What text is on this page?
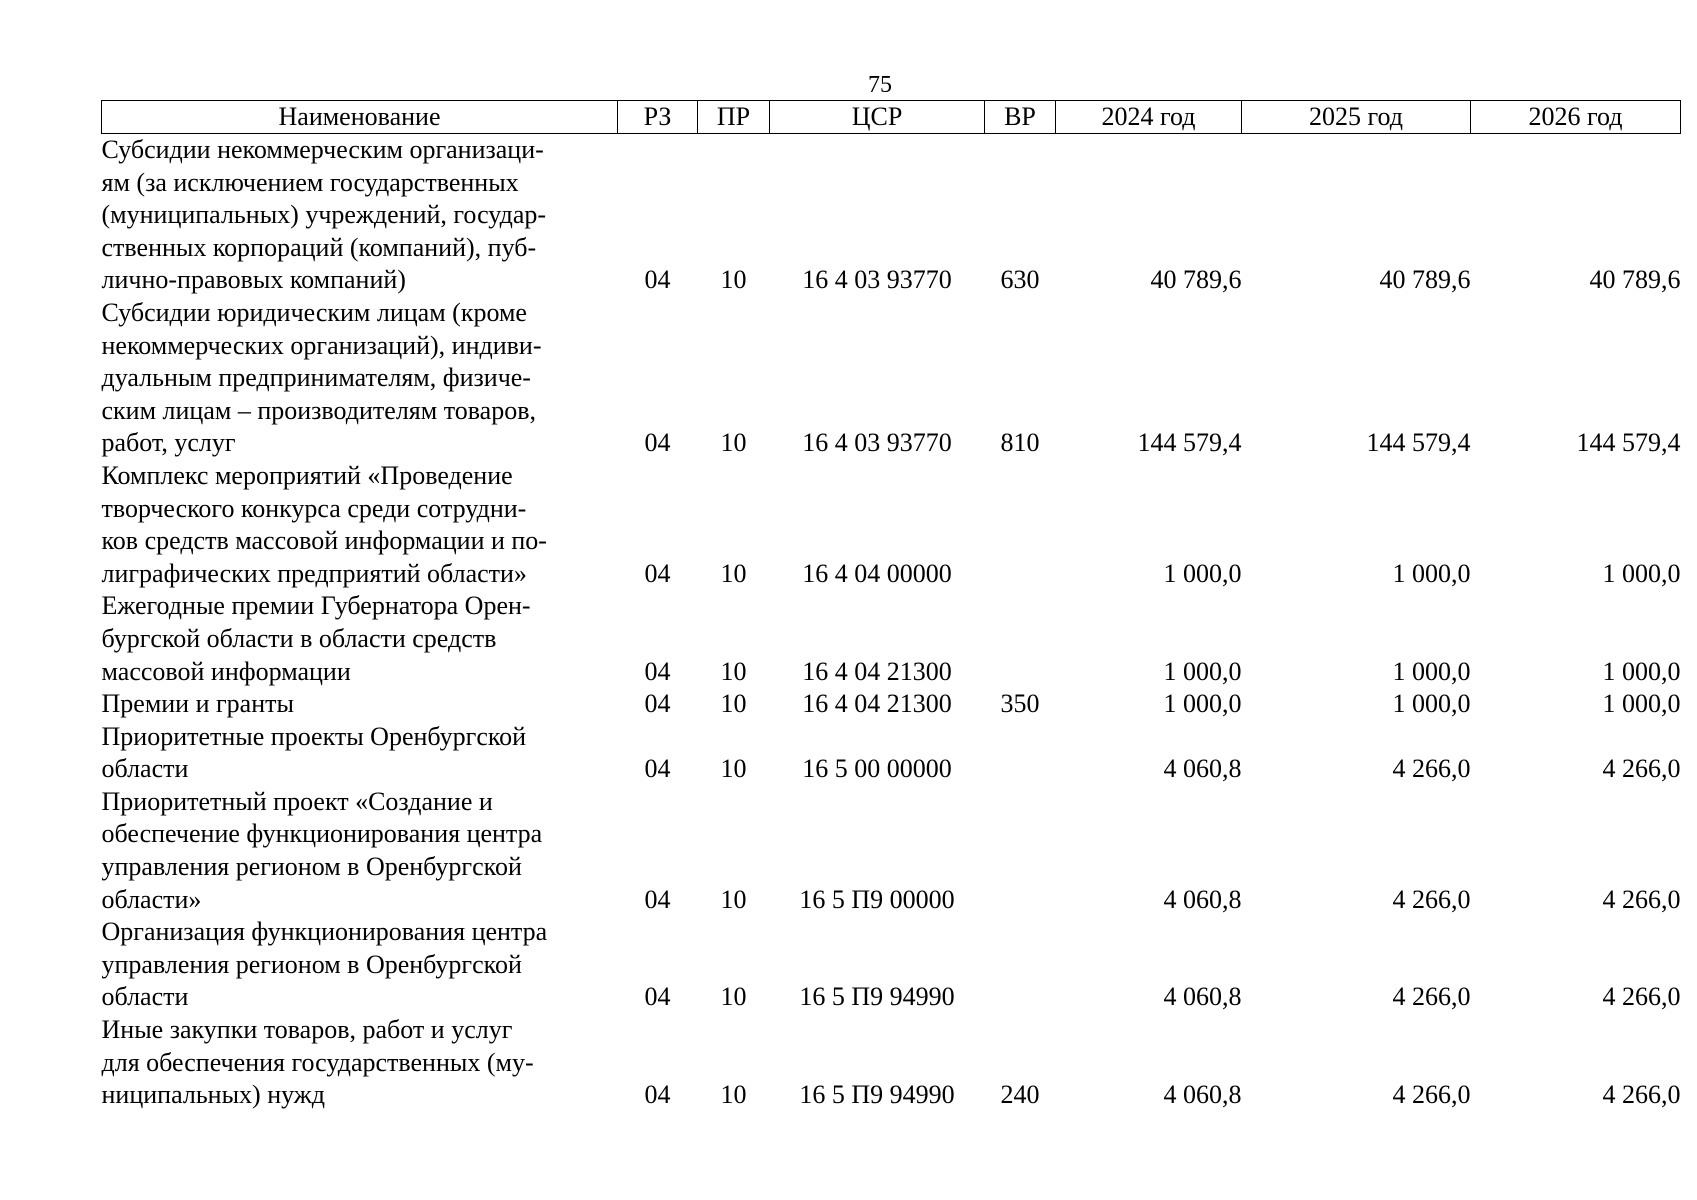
75
Наименование	РЗ	ПР	ЦСР	ВР	2024 год	2025 год	2026 год
Субсидии некоммерческим организаци-
ям (за исключением государственных
(муниципальных) учреждений, государ-
ственных корпораций (компаний), пуб-
лично-правовых компаний)	04	10	16 4 03 93770	630	40 789,6	40 789,6	40 789,6
Субсидии юридическим лицам (кроме
некоммерческих организаций), индиви-
дуальным предпринимателям, физиче-
ским лицам – производителям товаров,
работ, услуг	04	10	16 4 03 93770	810	144 579,4	144 579,4	144 579,4
Комплекс мероприятий «Проведение
творческого конкурса среди сотрудни-
ков средств массовой информации и по-
лиграфических предприятий области»	04	10	16 4 04 00000		1 000,0	1 000,0	1 000,0
Ежегодные премии Губернатора Орен-
бургской области в области средств
массовой информации	04	10	16 4 04 21300		1 000,0	1 000,0	1 000,0
Премии и гранты	04	10	16 4 04 21300	350	1 000,0	1 000,0	1 000,0
Приоритетные проекты Оренбургской
области	04	10	16 5 00 00000		4 060,8	4 266,0	4 266,0
Приоритетный проект «Создание и
обеспечение функционирования центра
управления регионом в Оренбургской
области»	04	10	16 5 П9 00000		4 060,8	4 266,0	4 266,0
Организация функционирования центра
управления регионом в Оренбургской
области	04	10	16 5 П9 94990		4 060,8	4 266,0	4 266,0
Иные закупки товаров, работ и услуг
для обеспечения государственных (му-
ниципальных) нужд	04	10	16 5 П9 94990	240	4 060,8	4 266,0	4 266,0
